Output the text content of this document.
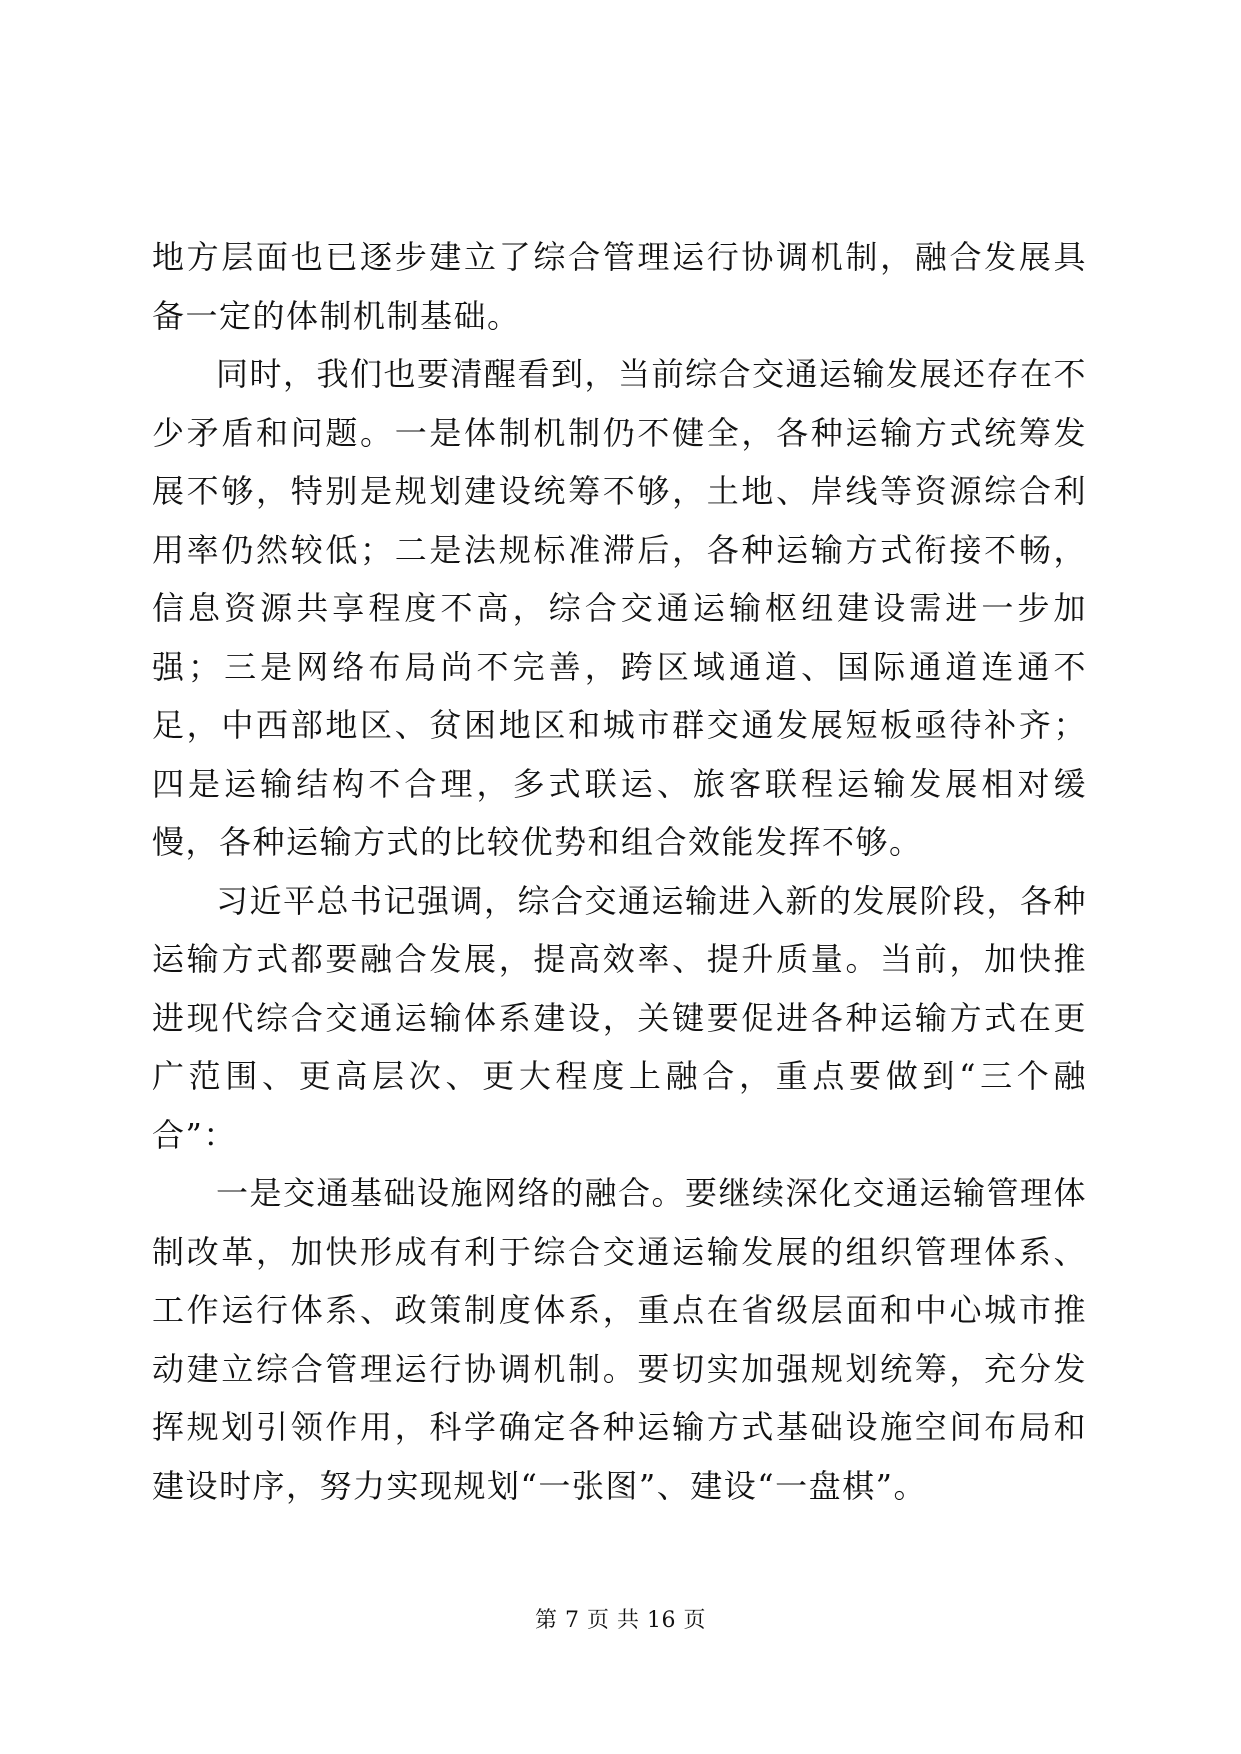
地方层面也已逐步建立了综合管理运行协调机制，融合发展具备一定的体制机制基础。

同时，我们也要清醒看到，当前综合交通运输发展还存在不少矛盾和问题。一是体制机制仍不健全，各种运输方式统筹发展不够，特别是规划建设统筹不够，土地、岸线等资源综合利用率仍然较低；二是法规标准滞后，各种运输方式衔接不畅，信息资源共享程度不高，综合交通运输枢纽建设需进一步加强；三是网络布局尚不完善，跨区域通道、国际通道连通不足，中西部地区、贫困地区和城市群交通发展短板亟待补齐；四是运输结构不合理，多式联运、旅客联程运输发展相对缓慢，各种运输方式的比较优势和组合效能发挥不够。

习近平总书记强调，综合交通运输进入新的发展阶段，各种运输方式都要融合发展，提高效率、提升质量。当前，加快推进现代综合交通运输体系建设，关键要促进各种运输方式在更广范围、更高层次、更大程度上融合，重点要做到“三个融合”：

一是交通基础设施网络的融合。要继续深化交通运输管理体制改革，加快形成有利于综合交通运输发展的组织管理体系、工作运行体系、政策制度体系，重点在省级层面和中心城市推动建立综合管理运行协调机制。要切实加强规划统筹，充分发挥规划引领作用，科学确定各种运输方式基础设施空间布局和建设时序，努力实现规划“一张图”、建设“一盘棋”。

第 7 页 共 16 页
